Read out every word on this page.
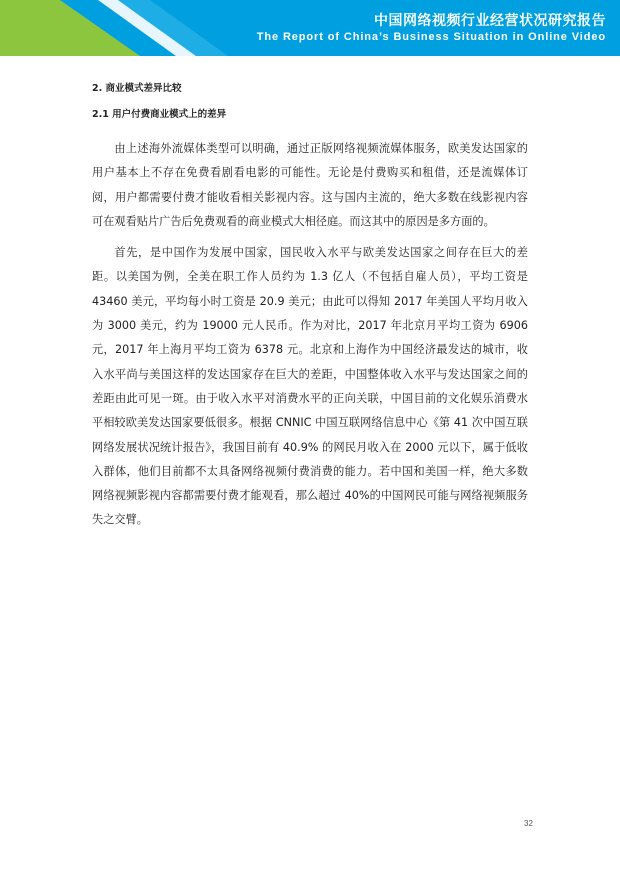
中国网络视频行业经营状况研究报告
The Report of China’s Business Situation in Online Video
2. 商业模式差异比较
2.1 用户付费商业模式上的差异

由上述海外流媒体类型可以明确，通过正版网络视频流媒体服务，欧美发达国家的用户基本上不存在免费看剧看电影的可能性。无论是付费购买和租借，还是流媒体订阅，用户都需要付费才能收看相关影视内容。这与国内主流的，绝大多数在线影视内容可在观看贴片广告后免费观看的商业模式大相径庭。而这其中的原因是多方面的。

首先，是中国作为发展中国家，国民收入水平与欧美发达国家之间存在巨大的差距。以美国为例，全美在职工作人员约为 1.3 亿人（不包括自雇人员），平均工资是 43460 美元，平均每小时工资是 20.9 美元；由此可以得知 2017 年美国人平均月收入为 3000 美元，约为 19000 元人民币。作为对比，2017 年北京月平均工资为 6906 元，2017 年上海月平均工资为 6378 元。北京和上海作为中国经济最发达的城市，收入水平尚与美国这样的发达国家存在巨大的差距，中国整体收入水平与发达国家之间的差距由此可见一斑。由于收入水平对消费水平的正向关联，中国目前的文化娱乐消费水平相较欧美发达国家要低很多。根据 CNNIC 中国互联网络信息中心《第 41 次中国互联网络发展状况统计报告》，我国目前有 40.9% 的网民月收入在 2000 元以下，属于低收入群体，他们目前都不太具备网络视频付费消费的能力。若中国和美国一样，绝大多数网络视频影视内容都需要付费才能观看，那么超过 40%的中国网民可能与网络视频服务失之交臂。

32
